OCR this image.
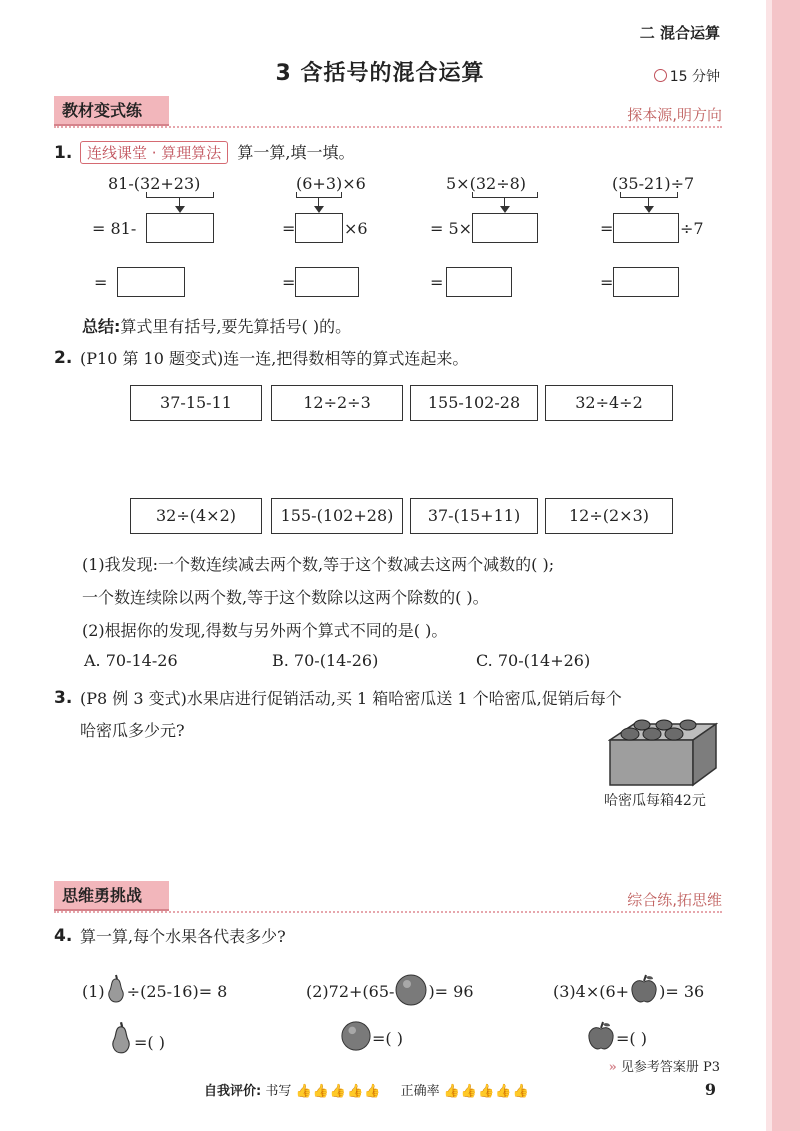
二 混合运算
3 含括号的混合运算	15 分钟
教材变式练	探本源,明方向
1. 连线课堂 · 算理算法 算一算,填一填。
81-(32+23)
= 81-
=
(6+3)×6
=	×6
=
5×(32÷8)
= 5×
=
(35-21)÷7
=	÷7
=
总结:算式里有括号,要先算括号( )的。
2. (P10 第 10 题变式)连一连,把得数相等的算式连起来。
37-15-11	12÷2÷3	155-102-28	32÷4÷2
32÷(4×2)	155-(102+28)	37-(15+11)	12÷(2×3)
(1)我发现:一个数连续减去两个数,等于这个数减去这两个减数的( );
一个数连续除以两个数,等于这个数除以这两个除数的( )。
(2)根据你的发现,得数与另外两个算式不同的是( )。
A. 70-14-26	B. 70-(14-26)	C. 70-(14+26)
3. (P8 例 3 变式)水果店进行促销活动,买 1 箱哈密瓜送 1 个哈密瓜,促销后每个
哈密瓜多少元?
哈密瓜每箱42元
思维勇挑战	综合练,拓思维
4. 算一算,每个水果各代表多少?
(1) ÷(25-16)= 8	(2)72+(65- )= 96	(3)4×(6+ )= 36
=( )	=( )	=( )
» 见参考答案册 P3
自我评价: 书写 👍👍👍👍👍 正确率 👍👍👍👍👍	9
